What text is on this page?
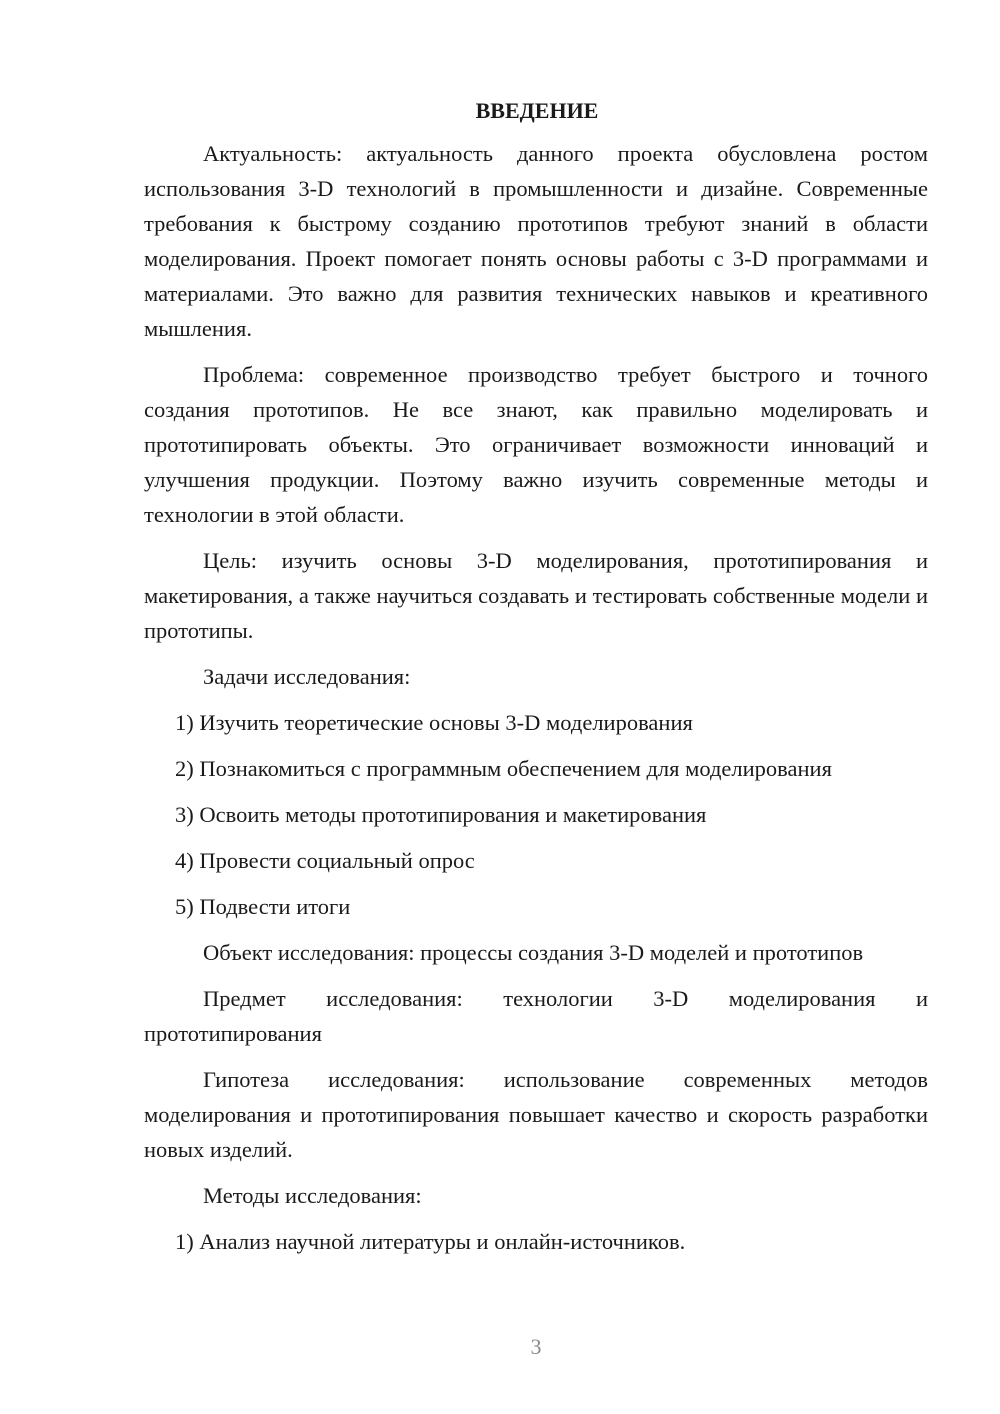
ВВЕДЕНИЕ

Актуальность: актуальность данного проекта обусловлена ростом использования 3-D технологий в промышленности и дизайне. Современные требования к быстрому созданию прототипов требуют знаний в области моделирования. Проект помогает понять основы работы с 3-D программами и материалами. Это важно для развития технических навыков и креативного мышления.

Проблема: современное производство требует быстрого и точного создания прототипов. Не все знают, как правильно моделировать и прототипировать объекты. Это ограничивает возможности инноваций и улучшения продукции. Поэтому важно изучить современные методы и технологии в этой области.

Цель: изучить основы 3-D моделирования, прототипирования и макетирования, а также научиться создавать и тестировать собственные модели и прототипы.

Задачи исследования:

1) Изучить теоретические основы 3-D моделирования

2) Познакомиться с программным обеспечением для моделирования

3) Освоить методы прототипирования и макетирования

4) Провести социальный опрос

5) Подвести итоги

Объект исследования: процессы создания 3-D моделей и прототипов

Предмет исследования: технологии 3-D моделирования и прототипирования

Гипотеза исследования: использование современных методов моделирования и прототипирования повышает качество и скорость разработки новых изделий.

Методы исследования:

1) Анализ научной литературы и онлайн-источников.

3
